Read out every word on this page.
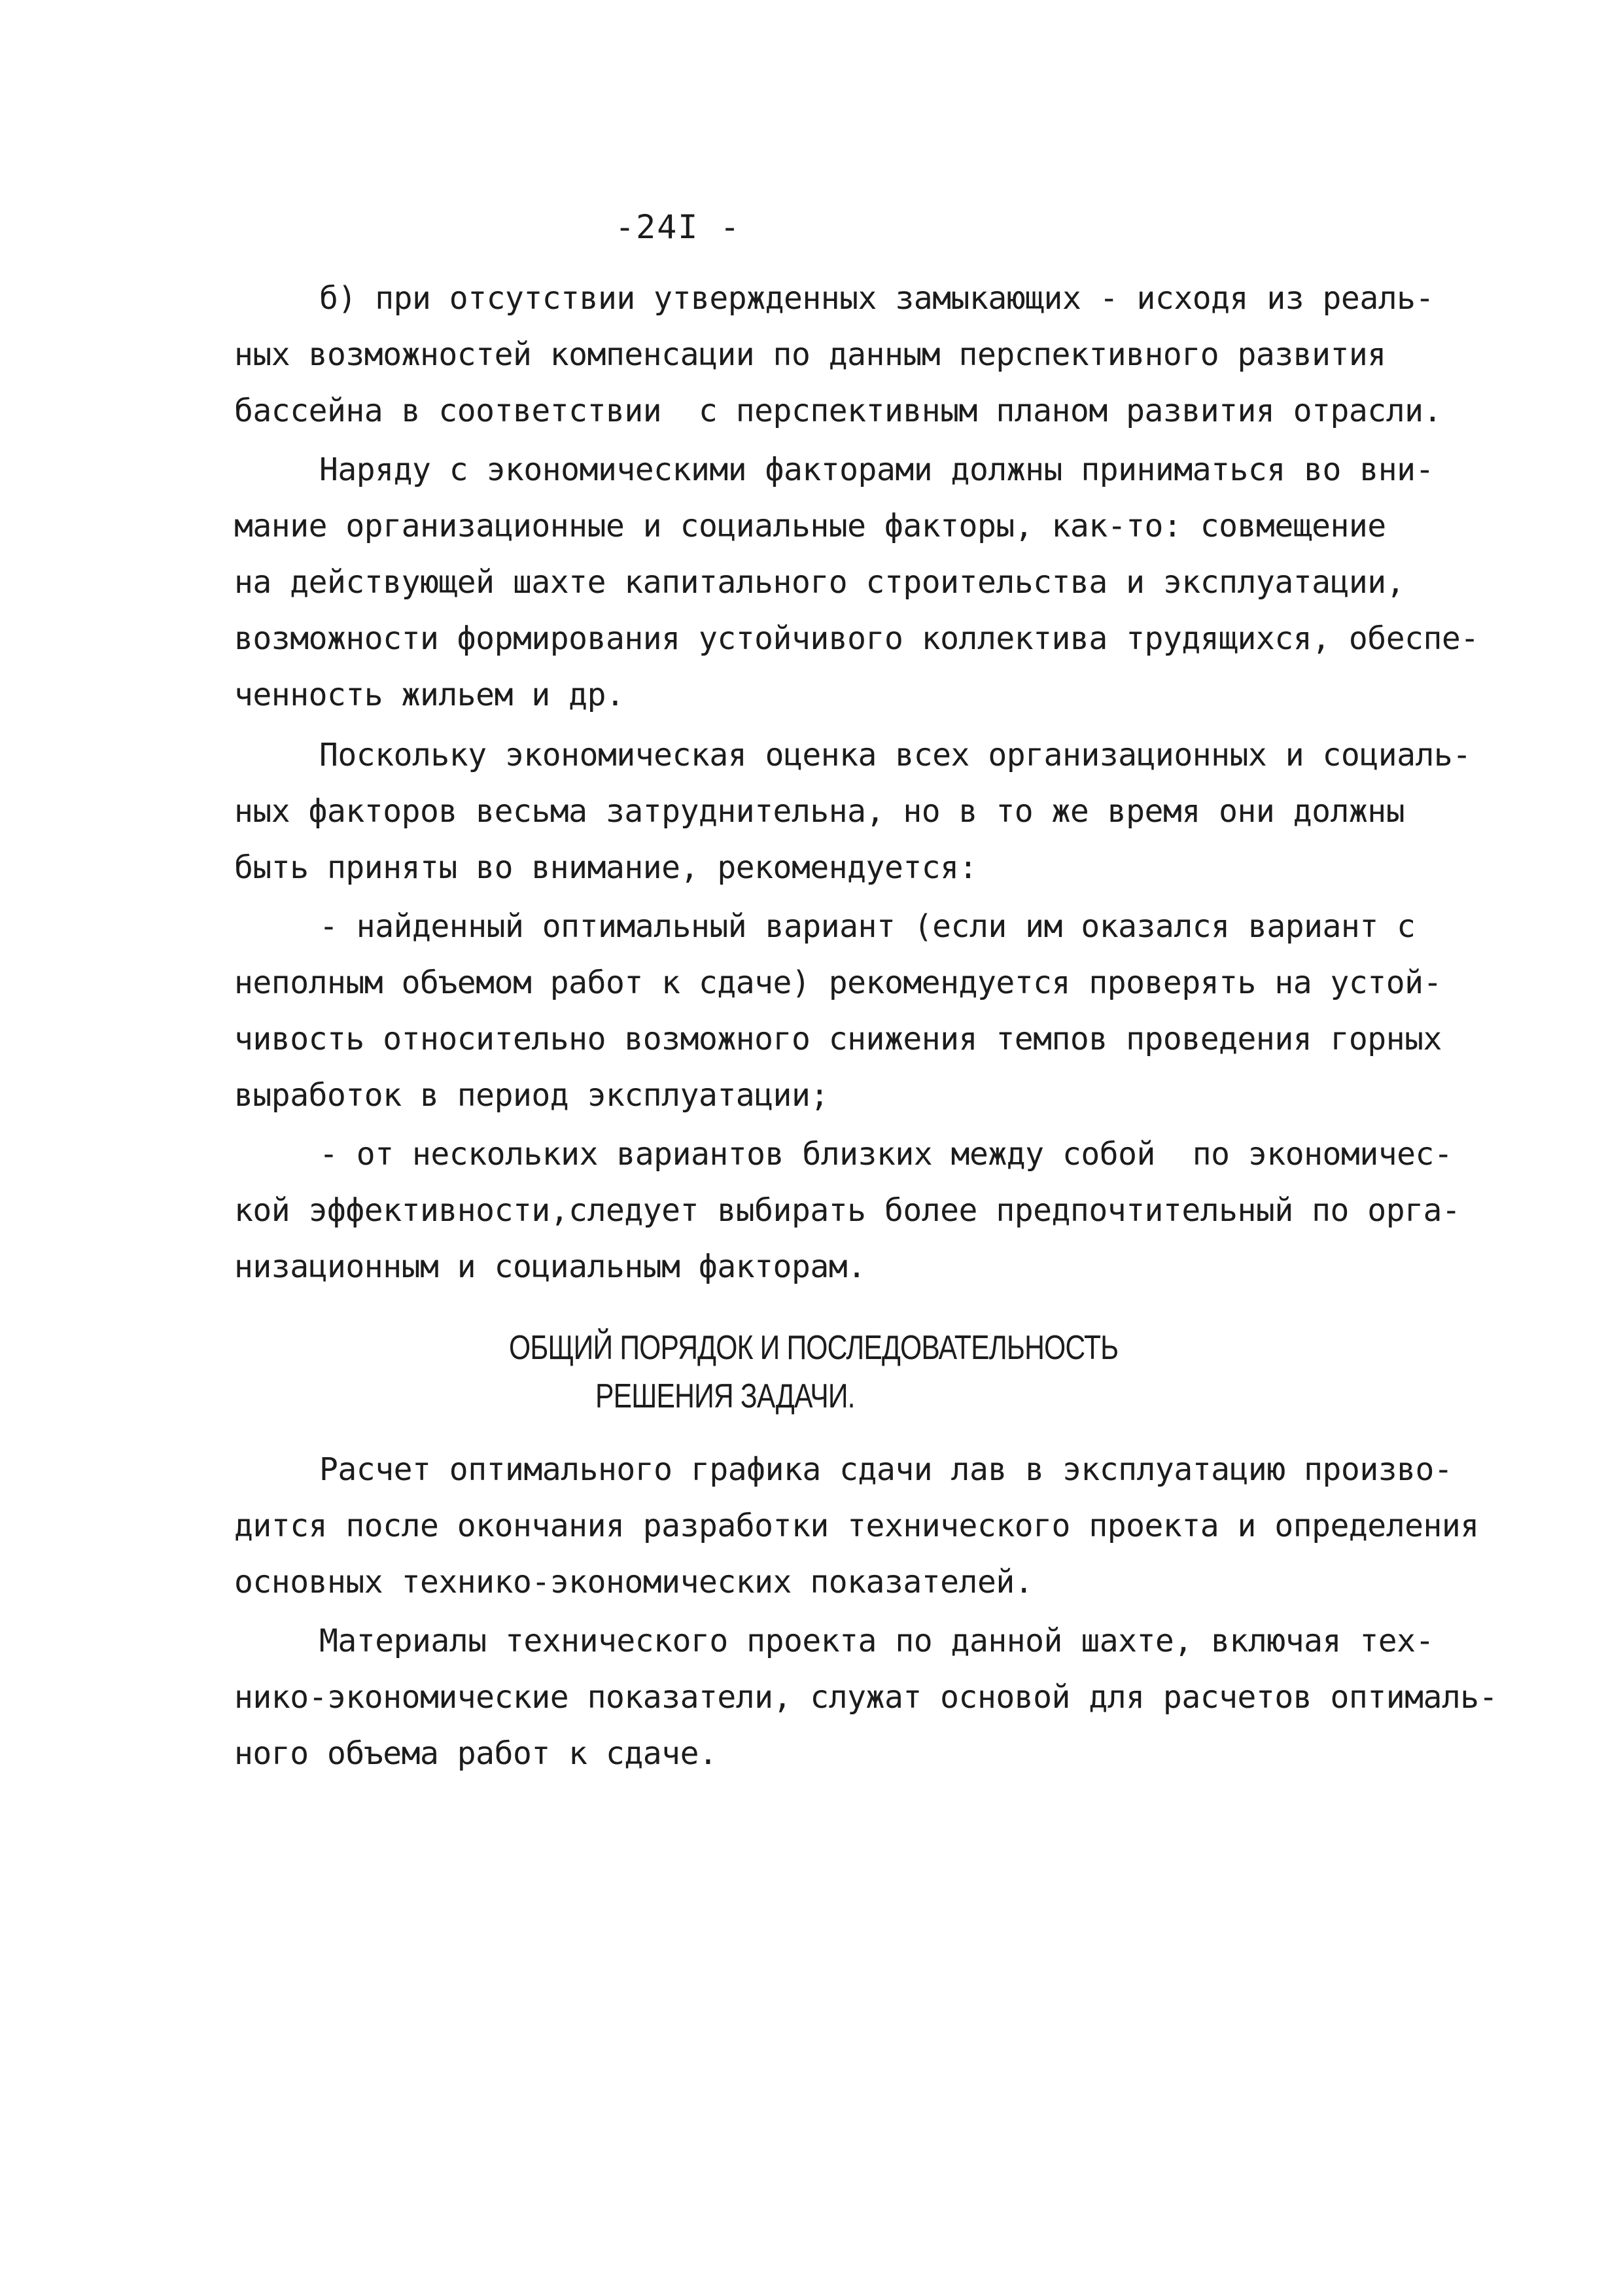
-24I -
б) при отсутствии утвержденных замыкающих - исходя из реаль-
ных возможностей компенсации по данным перспективного развития
бассейна в соответствии  с перспективным планом развития отрасли.
Наряду с экономическими факторами должны приниматься во вни-
мание организационные и социальные факторы, как-то: совмещение
на действующей шахте капитального строительства и эксплуатации,
возможности формирования устойчивого коллектива трудящихся, обеспе-
ченность жильем и др.
Поскольку экономическая оценка всех организационных и социаль-
ных факторов весьма затруднительна, но в то же время они должны
быть приняты во внимание, рекомендуется:
- найденный оптимальный вариант (если им оказался вариант с
неполным объемом работ к сдаче) рекомендуется проверять на устой-
чивость относительно возможного снижения темпов проведения горных
выработок в период эксплуатации;
- от нескольких вариантов близких между собой  по экономичес-
кой эффективности,следует выбирать более предпочтительный по орга-
низационным и социальным факторам.
ОБЩИЙ ПОРЯДОК И ПОСЛЕДОВАТЕЛЬНОСТЬ
РЕШЕНИЯ ЗАДАЧИ.
Расчет оптимального графика сдачи лав в эксплуатацию произво-
дится после окончания разработки технического проекта и определения
основных технико-экономических показателей.
Материалы технического проекта по данной шахте, включая тех-
нико-экономические показатели, служат основой для расчетов оптималь-
ного объема работ к сдаче.
